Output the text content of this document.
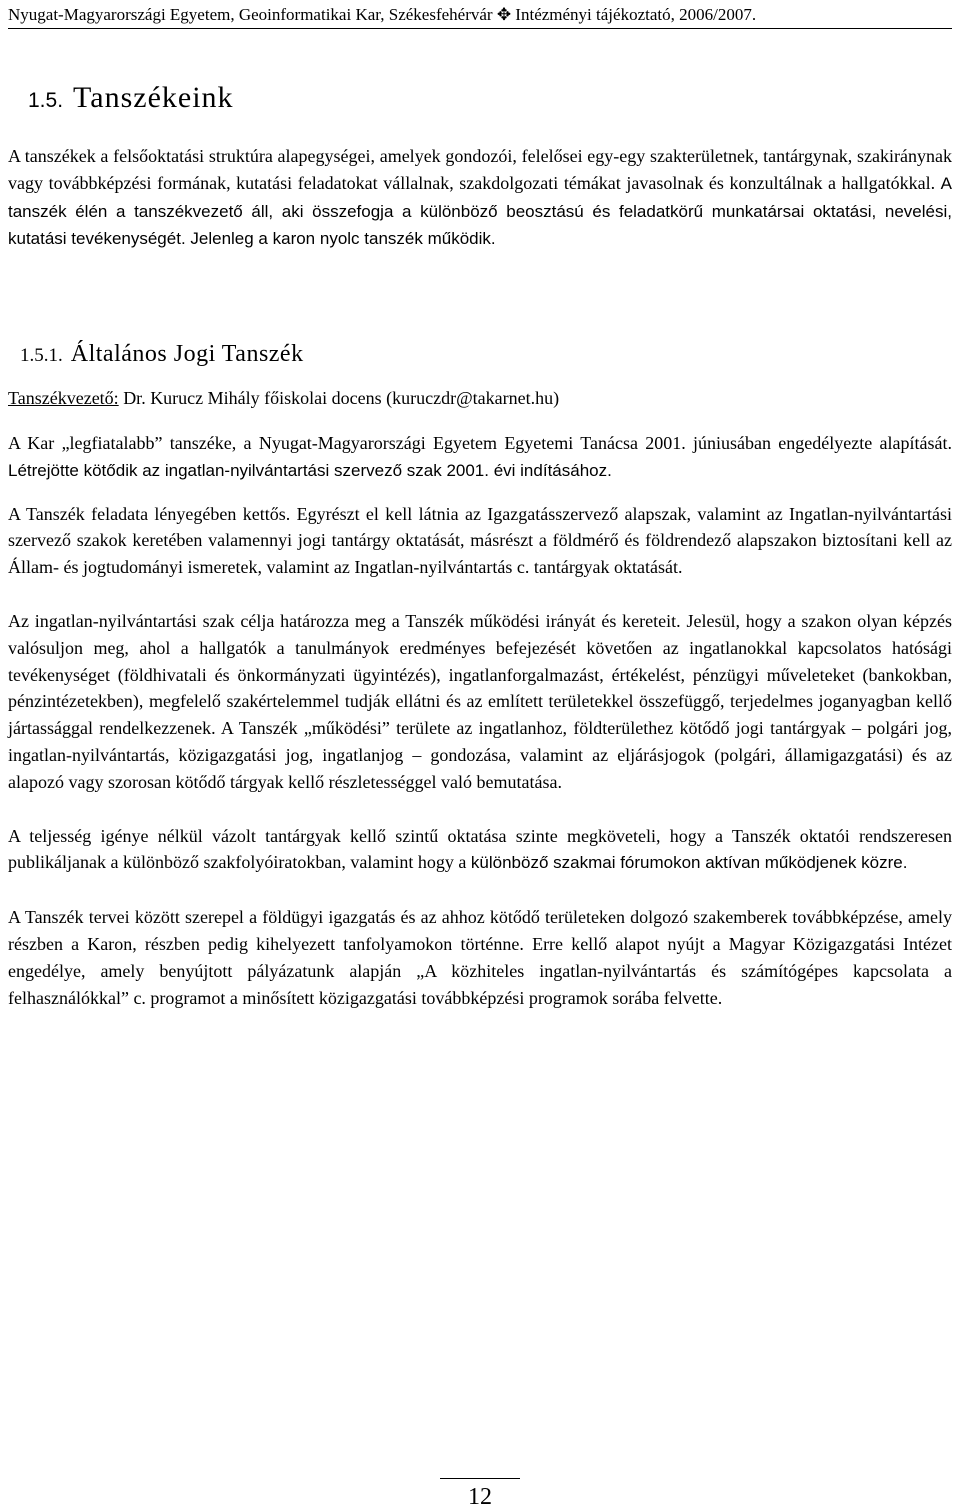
Nyugat-Magyarországi Egyetem, Geoinformatikai Kar, Székesfehérvár ✥ Intézményi tájékoztató, 2006/2007.
1.5. Tanszékeink

A tanszékek a felsőoktatási struktúra alapegységei, amelyek gondozói, felelősei egy-egy szakterületnek, tantárgynak, szakiránynak vagy továbbképzési formának, kutatási feladatokat vállalnak, szakdolgozati témákat javasolnak és konzultálnak a hallgatókkal. A tanszék élén a tanszékvezető áll, aki összefogja a különböző beosztású és feladatkörű munkatársai oktatási, nevelési, kutatási tevékenységét. Jelenleg a karon nyolc tanszék működik.

1.5.1. Általános Jogi Tanszék
Tanszékvezető: Dr. Kurucz Mihály főiskolai docens (kuruczdr@takarnet.hu)

A Kar „legfiatalabb” tanszéke, a Nyugat-Magyarországi Egyetem Egyetemi Tanácsa 2001. júniusában engedélyezte alapítását. Létrejötte kötődik az ingatlan-nyilvántartási szervező szak 2001. évi indításához.

A Tanszék feladata lényegében kettős. Egyrészt el kell látnia az Igazgatásszervező alapszak, valamint az Ingatlan-nyilvántartási szervező szakok keretében valamennyi jogi tantárgy oktatását, másrészt a földmérő és földrendező alapszakon biztosítani kell az Állam- és jogtudományi ismeretek, valamint az Ingatlan-nyilvántartás c. tantárgyak oktatását.

Az ingatlan-nyilvántartási szak célja határozza meg a Tanszék működési irányát és kereteit. Jelesül, hogy a szakon olyan képzés valósuljon meg, ahol a hallgatók a tanulmányok eredményes befejezését követően az ingatlanokkal kapcsolatos hatósági tevékenységet (földhivatali és önkormányzati ügyintézés), ingatlanforgalmazást, értékelést, pénzügyi műveleteket (bankokban, pénzintézetekben), megfelelő szakértelemmel tudják ellátni és az említett területekkel összefüggő, terjedelmes joganyagban kellő jártassággal rendelkezzenek. A Tanszék „működési” területe az ingatlanhoz, földterülethez kötődő jogi tantárgyak – polgári jog, ingatlan-nyilvántartás, közigazgatási jog, ingatlanjog – gondozása, valamint az eljárásjogok (polgári, államigazgatási) és az alapozó vagy szorosan kötődő tárgyak kellő részletességgel való bemutatása.

A teljesség igénye nélkül vázolt tantárgyak kellő szintű oktatása szinte megköveteli, hogy a Tanszék oktatói rendszeresen publikáljanak a különböző szakfolyóiratokban, valamint hogy a különböző szakmai fórumokon aktívan működjenek közre.

A Tanszék tervei között szerepel a földügyi igazgatás és az ahhoz kötődő területeken dolgozó szakemberek továbbképzése, amely részben a Karon, részben pedig kihelyezett tanfolyamokon történne. Erre kellő alapot nyújt a Magyar Közigazgatási Intézet engedélye, amely benyújtott pályázatunk alapján „A közhiteles ingatlan-nyilvántartás és számítógépes kapcsolata a felhasználókkal” c. programot a minősített közigazgatási továbbképzési programok sorába felvette.

12
